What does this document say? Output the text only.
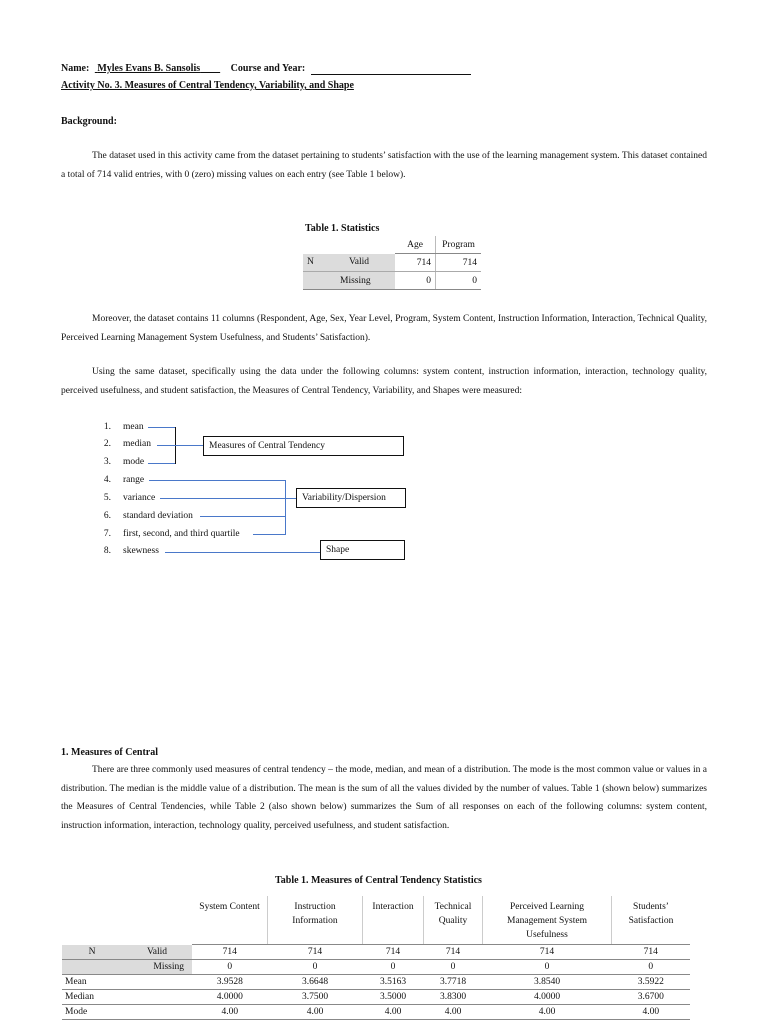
Name: Myles Evans B. Sansolis	Course and Year:
Activity No. 3. Measures of Central Tendency, Variability, and Shape
Background:
The dataset used in this activity came from the dataset pertaining to students’ satisfaction with the use of the learning management system. This dataset contained a total of 714 valid entries, with 0 (zero) missing values on each entry (see Table 1 below).
Table 1. Statistics
		Age	Program
N	Valid	714	714
	Missing	0	0
Moreover, the dataset contains 11 columns (Respondent, Age, Sex, Year Level, Program, System Content, Instruction Information, Interaction, Technical Quality, Perceived Learning Management System Usefulness, and Students’ Satisfaction).
Using the same dataset, specifically using the data under the following columns: system content, instruction information, interaction, technology quality, perceived usefulness, and student satisfaction, the Measures of Central Tendency, Variability, and Shapes were measured:
1. mean
2. median
3. mode
4. range
5. variance
6. standard deviation
7. first, second, and third quartile
8. skewness
Measures of Central Tendency
Variability/Dispersion
Shape
1. Measures of Central
There are three commonly used measures of central tendency – the mode, median, and mean of a distribution. The mode is the most common value or values in a distribution. The median is the middle value of a distribution. The mean is the sum of all the values divided by the number of values. Table 1 (shown below) summarizes the Measures of Central Tendencies, while Table 2 (also shown below) summarizes the Sum of all responses on each of the following columns: system content, instruction information, interaction, technology quality, perceived usefulness, and student satisfaction.
Table 1. Measures of Central Tendency Statistics
		System Content	Instruction Information	Interaction	Technical Quality	Perceived Learning Management System Usefulness	Students’ Satisfaction
N	Valid	714	714	714	714	714	714
	Missing	0	0	0	0	0	0
Mean		3.9528	3.6648	3.5163	3.7718	3.8540	3.5922
Median		4.0000	3.7500	3.5000	3.8300	4.0000	3.6700
Mode		4.00	4.00	4.00	4.00	4.00	4.00
